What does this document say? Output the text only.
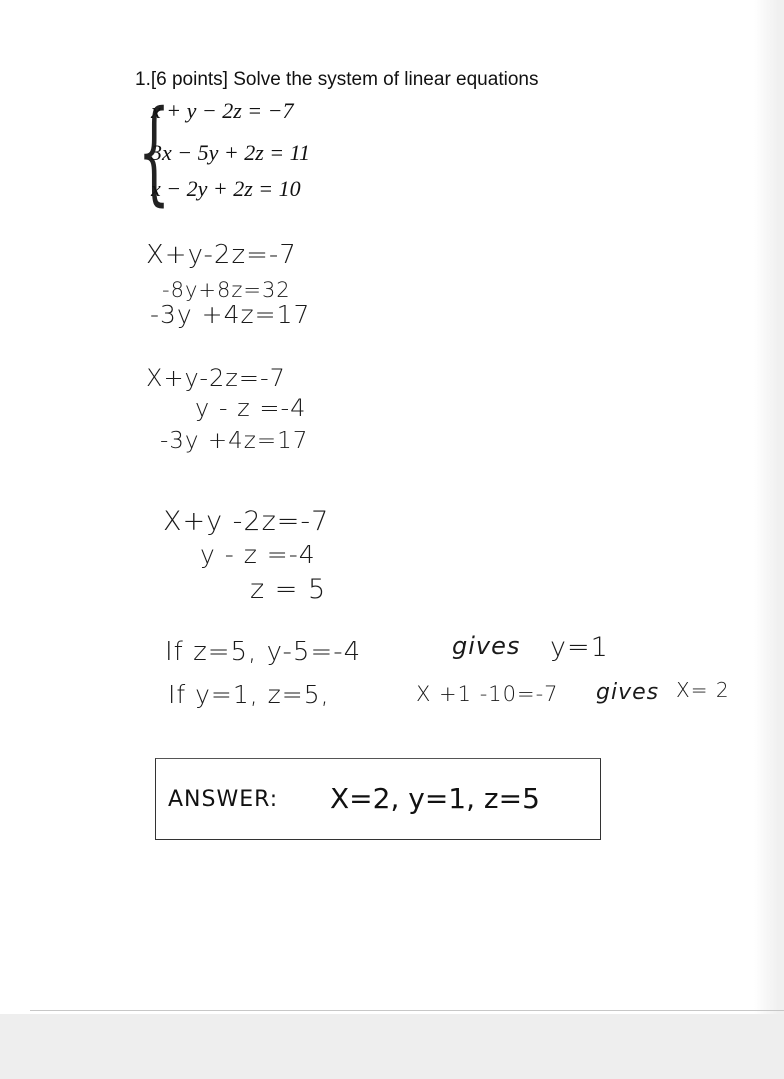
1.[6 points] Solve the system of linear equations
{
x + y − 2z = −7
3x − 5y + 2z = 11
x − 2y + 2z = 10
X+y-2z=-7
-8y+8z=32
-3y +4z=17
X+y-2z=-7
y - z =-4
-3y +4z=17
X+y -2z=-7
y - z =-4
z = 5
If z=5, y-5=-4	gives y=1
If y=1, z=5,	X +1 -10=-7 gives X= 2
ANSWER: X=2, y=1, z=5
